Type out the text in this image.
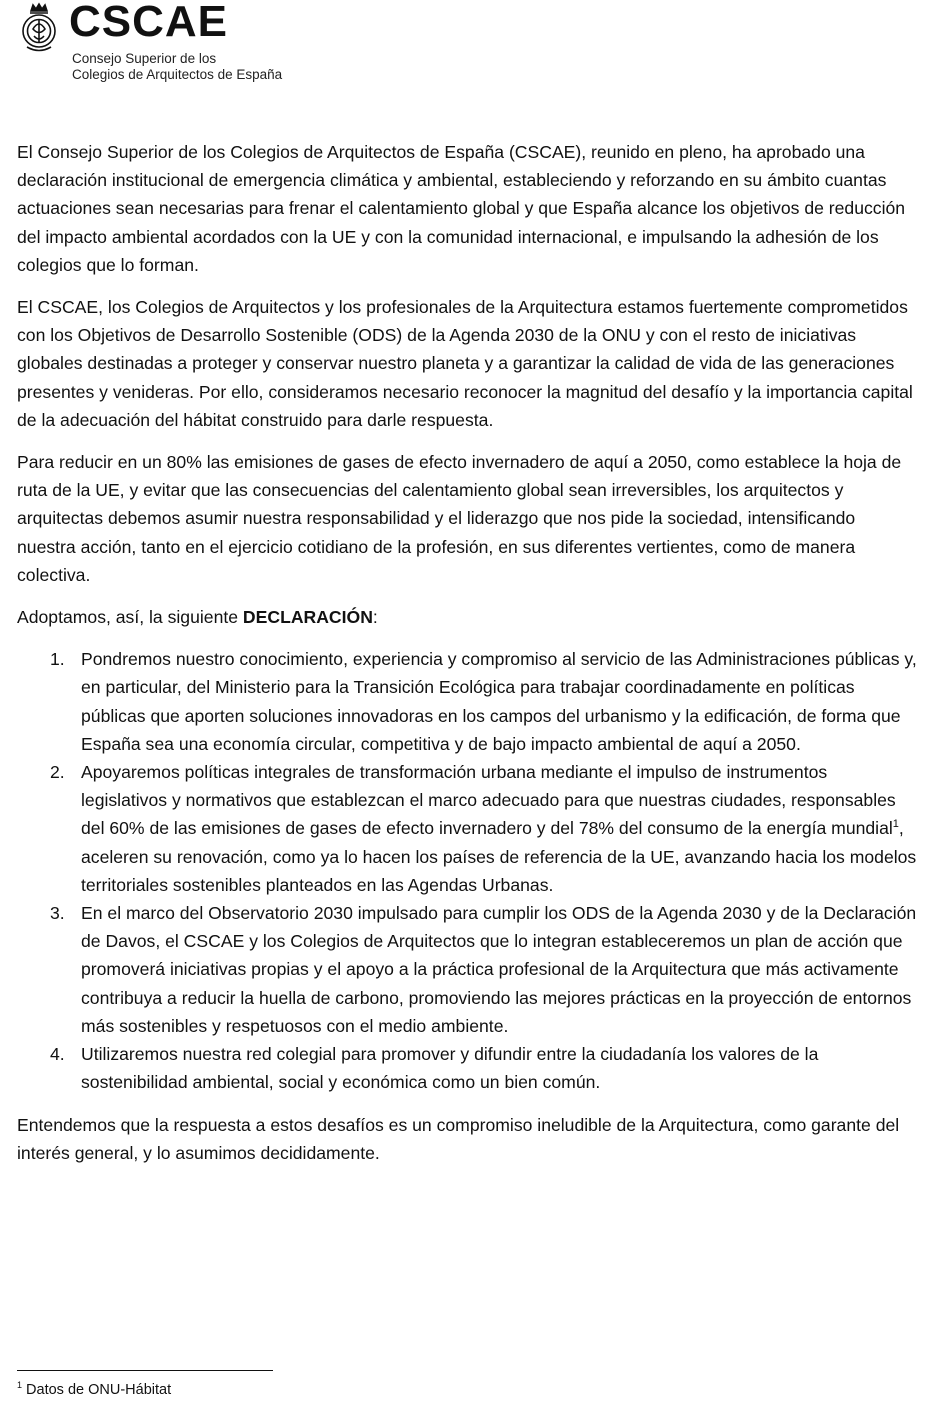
CSCAE
Consejo Superior de los
Colegios de Arquitectos de España

El Consejo Superior de los Colegios de Arquitectos de España (CSCAE), reunido en pleno, ha aprobado una declaración institucional de emergencia climática y ambiental, estableciendo y reforzando en su ámbito cuantas actuaciones sean necesarias para frenar el calentamiento global y que España alcance los objetivos de reducción del impacto ambiental acordados con la UE y con la comunidad internacional, e impulsando la adhesión de los colegios que lo forman.

El CSCAE, los Colegios de Arquitectos y los profesionales de la Arquitectura estamos fuertemente comprometidos con los Objetivos de Desarrollo Sostenible (ODS) de la Agenda 2030 de la ONU y con el resto de iniciativas globales destinadas a proteger y conservar nuestro planeta y a garantizar la calidad de vida de las generaciones presentes y venideras. Por ello, consideramos necesario reconocer la magnitud del desafío y la importancia capital de la adecuación del hábitat construido para darle respuesta.

Para reducir en un 80% las emisiones de gases de efecto invernadero de aquí a 2050, como establece la hoja de ruta de la UE, y evitar que las consecuencias del calentamiento global sean irreversibles, los arquitectos y arquitectas debemos asumir nuestra responsabilidad y el liderazgo que nos pide la sociedad, intensificando nuestra acción, tanto en el ejercicio cotidiano de la profesión, en sus diferentes vertientes, como de manera colectiva.

Adoptamos, así, la siguiente DECLARACIÓN:

1. Pondremos nuestro conocimiento, experiencia y compromiso al servicio de las Administraciones públicas y, en particular, del Ministerio para la Transición Ecológica para trabajar coordinadamente en políticas públicas que aporten soluciones innovadoras en los campos del urbanismo y la edificación, de forma que España sea una economía circular, competitiva y de bajo impacto ambiental de aquí a 2050.
2. Apoyaremos políticas integrales de transformación urbana mediante el impulso de instrumentos legislativos y normativos que establezcan el marco adecuado para que nuestras ciudades, responsables del 60% de las emisiones de gases de efecto invernadero y del 78% del consumo de la energía mundial$^1$, aceleren su renovación, como ya lo hacen los países de referencia de la UE, avanzando hacia los modelos territoriales sostenibles planteados en las Agendas Urbanas.
3. En el marco del Observatorio 2030 impulsado para cumplir los ODS de la Agenda 2030 y de la Declaración de Davos, el CSCAE y los Colegios de Arquitectos que lo integran estableceremos un plan de acción que promoverá iniciativas propias y el apoyo a la práctica profesional de la Arquitectura que más activamente contribuya a reducir la huella de carbono, promoviendo las mejores prácticas en la proyección de entornos más sostenibles y respetuosos con el medio ambiente.
4. Utilizaremos nuestra red colegial para promover y difundir entre la ciudadanía los valores de la sostenibilidad ambiental, social y económica como un bien común.

Entendemos que la respuesta a estos desafíos es un compromiso ineludible de la Arquitectura, como garante del interés general, y lo asumimos decididamente.

$^1$ Datos de ONU-Hábitat
